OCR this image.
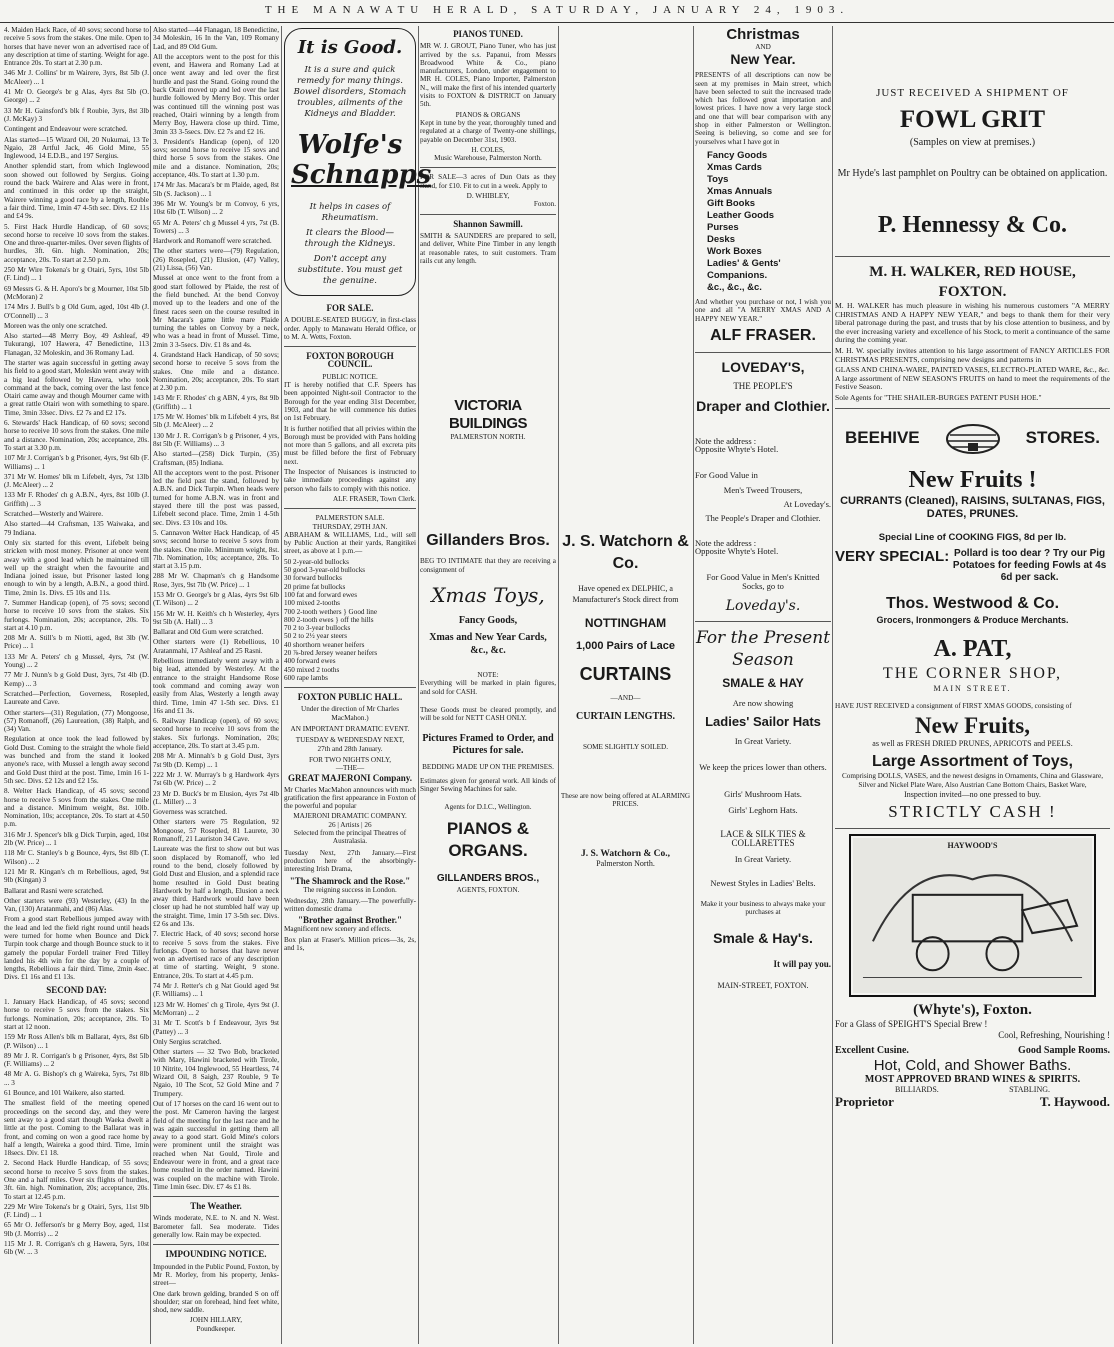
THE MANAWATU HERALD, SATURDAY, JANUARY 24, 1903.

4. Maiden Hack Race, of 40 sovs; second horse to receive 5 sovs from the stakes. One mile. Open to horses that have never won an advertised race of any description at time of starting. Weight for age. Entrance 20s. To start at 2.30 p.m.

346 Mr J. Collins' br m Wairere, 3yrs, 8st 5lb (J. McAleer) ... 1

41 Mr O. George's br g Alas, 4yrs 8st 5lb (O. George) ... 2

33 Mr H. Gainsford's blk f Roubie, 3yrs, 8st 3lb (J. McKay) 3

Contingent and Endeavour were scratched.

Alas started—15 Wizard Oil, 20 Nukumai, 13 Te Ngaio, 28 Artful Jack, 46 Gold Mine, 55 Inglewood, 14 E.D.B., and 197 Sergius.

Another splendid start, from which Inglewood soon showed out followed by Sergius. Going round the back Wairere and Alas were in front, and continued in this order up the straight, Wairere winning a good race by a length, Rouble a fair third. Time, 1min 47 4-5th sec. Divs. £2 11s and £4 9s.

5. First Hack Hurdle Handicap, of 60 sovs; second horse to receive 10 sovs from the stakes. One and three-quarter-miles. Over seven flights of hurdles, 3ft. 6in. high. Nomination, 20s; acceptance, 20s. To start at 2.50 p.m.

250 Mr Wire Tokena's br g Otairi, 5yrs, 10st 5lb (F. Lind) ... 1

69 Messrs G. & H. Aporo's br g Mourner, 10st 5lb (McMoran) 2

174 Mrs J. Bull's b g Old Gum, aged, 10st 4lb (J. O'Connell) ... 3

Moreen was the only one scratched.

Also started—48 Merry Boy, 49 Ashleaf, 49 Tukurangi, 107 Hawera, 47 Benedictine, 113 Flanagan, 32 Moleskin, and 36 Romany Lad.

The starter was again successful in getting away his field to a good start, Moleskin went away with a big lead followed by Hawera, who took command at the back, coming over the last fence Otairi came away and though Mourner came with a great rattle Otairi won with something to spare. Time, 3min 33sec. Divs. £2 7s and £2 17s.

6. Stewards' Hack Handicap, of 60 sovs; second horse to receive 10 sovs from the stakes. One mile and a distance. Nomination, 20s; acceptance, 20s. To start at 3.30 p.m.

107 Mr J. Corrigan's b g Prisoner, 4yrs, 9st 6lb (F. Williams) ... 1

371 Mr W. Homes' blk m Lifebelt, 4yrs, 7st 13lb (J. McAleer) ... 2

133 Mr F. Rhodes' ch g A.B.N., 4yrs, 8st 10lb (J. Griffith) ... 3

Scratched—Westerly and Wairere.

Also started—44 Craftsman, 135 Waiwaka, and 79 Indiana.

Only six started for this event, Lifebelt being stricken with most money. Prisoner at once went away with a good lead which he maintained till well up the straight when the favourite and Indiana joined issue, but Prisoner lasted long enough to win by a length, A.B.N., a good third. Time, 2min 1s. Divs. £5 10s and 11s.

7. Summer Handicap (open), of 75 sovs; second horse to receive 10 sovs from the stakes. Six furlongs. Nomination, 20s; acceptance, 20s. To start at 4.10 p.m.

208 Mr A. Still's b m Niotti, aged, 8st 3lb (W. Price) ... 1

133 Mr A. Peters' ch g Mussel, 4yrs, 7st (W. Young) ... 2

77 Mr J. Nunn's b g Gold Dust, 3yrs, 7st 4lb (D. Kemp) ... 3

Scratched—Perfection, Governess, Rosepled, Laureate and Cave.

Other starters—(31) Regulation, (77) Mongoose, (57) Romanoff, (26) Laureation, (38) Ralph, and (34) Van.

Regulation at once took the lead followed by Gold Dust. Coming to the straight the whole field was bunched and from the stand it looked anyone's race, with Mussel a length away second and Gold Dust third at the post. Time, 1min 16 1-5th sec. Divs. £2 12s and £2 15s.

8. Welter Hack Handicap, of 45 sovs; second horse to receive 5 sovs from the stakes. One mile and a distance. Minimum weight, 8st. 10lb. Nomination, 10s; acceptance, 20s. To start at 4.50 p.m.

316 Mr J. Spencer's blk g Dick Turpin, aged, 10st 2lb (W. Price) ... 1

118 Mr C. Stanley's b g Bounce, 4yrs, 9st 8lb (T. Wilson) ... 2

121 Mr R. Kingan's ch m Rebellious, aged, 9st 9lb (Kingan) 3

Ballarat and Rasni were scratched.

Other starters were (93) Westerley, (43) In the Van, (130) Aratanmahi, and (86) Alas.

From a good start Rebellious jumped away with the lead and led the field right round until heads were turned for home when Bounce and Dick Turpin took charge and though Bounce stuck to it gamely the popular Fordell trainer Fred Tilley landed his 4th win for the day by a couple of lengths, Rebellious a fair third. Time, 2min 4sec. Divs. £1 16s and £1 13s.

SECOND DAY:

1. January Hack Handicap, of 45 sovs; second horse to receive 5 sovs from the stakes. Six furlongs. Nomination, 20s; acceptance, 20s. To start at 12 noon.

159 Mr Ross Allen's blk m Ballarat, 4yrs, 8st 6lb (P. Wilson) ... 1

89 Mr J. R. Corrigan's b g Prisoner, 4yrs, 8st 5lb (F. Williams) ... 2

48 Mr A. G. Bishop's ch g Waireka, 5yrs, 7st 8lb ... 3

61 Bounce, and 101 Waikere, also started.

The smallest field of the meeting opened proceedings on the second day, and they were sent away to a good start though Waeka dwelt a little at the post. Coming to the Ballarat was in front, and coming on won a good race home by half a length, Waireka a good third. Time, 1min 18secs. Div. £1 18.

2. Second Hack Hurdle Handicap, of 55 sovs; second horse to receive 5 sovs from the stakes. One and a half miles. Over six flights of hurdles, 3ft. 6in. high. Nomination, 20s; acceptance, 20s. To start at 12.45 p.m.

229 Mr Wire Tokena's br g Otairi, 5yrs, 11st 9lb (F. Lind) ... 1

65 Mr O. Jefferson's br g Merry Boy, aged, 11st 9lb (J. Morris) ... 2

115 Mr J. R. Corrigan's ch g Hawera, 5yrs, 10st 6lb (W. ... 3

Also started—44 Flanagan, 18 Benedictine, 34 Moleskin, 16 In the Van, 109 Romany Lad, and 89 Old Gum.

All the acceptors went to the post for this event, and Hawera and Romany Lad at once went away and led over the first hurdle and past the Stand. Going round the back Otairi moved up and led over the last hurdle followed by Merry Boy. This order was continued till the winning post was reached, Otairi winning by a length from Merry Boy, Hawera close up third. Time, 3min 33 3-5secs. Div. £2 7s and £2 16.

3. President's Handicap (open), of 120 sovs; second horse to receive 15 sovs and third horse 5 sovs from the stakes. One mile and a distance. Nomination, 20s; acceptance, 40s. To start at 1.30 p.m.

174 Mr Jas. Macara's br m Plaide, aged, 8st 5lb (S. Jackson) ... 1

396 Mr W. Young's br m Convoy, 6 yrs, 10st 6lb (T. Wilson) ... 2

65 Mr A. Peters' ch g Mussel 4 yrs, 7st (B. Towers) ... 3

Hardwork and Romanoff were scratched.

The other starters were—(79) Regulation, (26) Rosepled, (21) Elusion, (47) Valley, (21) Lissa, (56) Van.

Mussel at once went to the front from a good start followed by Plaide, the rest of the field bunched. At the bend Convoy moved up to the leaders and one of the finest races seen on the course resulted in Mr Macara's game little mare Plaide turning the tables on Convoy by a neck, who was a head in front of Mussel. Time, 2min 3 3-5secs. Div. £1 8s and 4s.

4. Grandstand Hack Handicap, of 50 sovs; second horse to receive 5 sovs from the stakes. One mile and a distance. Nomination, 20s; acceptance, 20s. To start at 2.30 p.m.

143 Mr F. Rhodes' ch g ABN, 4 yrs, 8st 9lb (Griffith) ... 1

175 Mr W. Homes' blk m Lifebelt 4 yrs, 8st 5lb (J. McAleer) ... 2

130 Mr J. R. Corrigan's b g Prisoner, 4 yrs, 8st 5lb (F. Williams) ... 3

Also started—(258) Dick Turpin, (35) Craftsman, (85) Indiana.

All the acceptors went to the post. Prisoner led the field past the stand, followed by A.B.N. and Dick Turpin. When heads were turned for home A.B.N. was in front and stayed there till the post was passed, Lifebelt second place. Time, 2min 1 4-5th sec. Divs. £3 10s and 10s.

5. Cannavon Welter Hack Handicap, of 45 sovs; second horse to receive 5 sovs from the stakes. One mile. Minimum weight, 8st. 7lb. Nomination, 10s; acceptance, 20s. To start at 3.15 p.m.

288 Mr W. Chapman's ch g Handsome Rose, 3yrs, 9st 7lb (W. Price) ... 1

153 Mr O. George's br g Alas, 4yrs 9st 6lb (T. Wilson) ... 2

156 Mr W. H. Keith's ch h Westerley, 4yrs 9st 5lb (A. Hall) ... 3

Ballarat and Old Gum were scratched.

Other starters were (1) Rebellious, 10 Aratanmahi, 17 Ashleaf and 25 Rasni.

Rebellious immediately went away with a big lead, attended by Westerley. At the entrance to the straight Handsome Rose took command and coming away won easily from Alas, Westerly a length away third. Time, 1min 47 1-5th sec. Divs. £1 16s and £1 3s.

6. Railway Handicap (open), of 60 sovs; second horse to receive 10 sovs from the stakes. Six furlongs. Nomination, 20s; acceptance, 20s. To start at 3.45 p.m.

208 Mr A. Minnah's b g Gold Dust, 3yrs 7st 9lb (D. Kemp) ... 1

222 Mr J. W. Murray's b g Hardwork 4yrs 7st 6lb (W. Price) ... 2

23 Mr D. Buck's br m Elusion, 4yrs 7st 4lb (L. Miller) ... 3

Governess was scratched.

Other starters were 75 Regulation, 92 Mongoose, 57 Rosepled, 81 Laurete, 30 Romanoff, 21 Lauriston 34 Cave.

Laureate was the first to show out but was soon displaced by Romanoff, who led round to the bend, closely followed by Gold Dust and Elusion, and a splendid race home resulted in Gold Dust beating Hardwork by half a length, Elusion a neck away third. Hardwork would have been closer up had he not stumbled half way up the straight. Time, 1min 17 3-5th sec. Divs. £2 6s and 13s.

7. Electric Hack, of 40 sovs; second horse to receive 5 sovs from the stakes. Five furlongs. Open to horses that have never won an advertised race of any description at time of starting. Weight, 9 stone. Entrance, 20s. To start at 4.45 p.m.

74 Mr J. Retter's ch g Nat Gould aged 9st (F. Williams) ... 1

123 Mr W. Homes' ch g Tirole, 4yrs 9st (J. McMorran) ... 2

31 Mr T. Scott's b f Endeavour, 3yrs 9st (Pattey) ... 3

Only Sergius scratched.

Other starters — 32 Two Bob, bracketed with Mary, Hawini bracketed with Tirole, 10 Nitrite, 104 Inglewood, 55 Heartless, 74 Wizard Oil, 8 Saigh, 237 Rouble, 9 Te Ngaio, 10 The Scot, 52 Gold Mine and 7 Trumpery.

Out of 17 horses on the card 16 went out to the post. Mr Cameron having the largest field of the meeting for the last race and he was again successful in getting them all away to a good start. Gold Mine's colors were prominent until the straight was reached when Nat Gould, Tirole and Endeavour were in front, and a great race home resulted in the order named. Hawini was coupled on the machine with Tirole. Time 1min 6sec. Div. £7 4s £1 8s.

The Weather.

Winds moderate, N.E. to N. and N. West. Barometer fall. Sea moderate. Tides generally low. Rain may be expected.

IMPOUNDING NOTICE.

Impounded in the Public Pound, Foxton, by Mr R. Morley, from his property, Jenks-street—

One dark brown gelding, branded S on off shoulder; star on forehead, hind feet white, shod, new saddle.

JOHN HILLARY,
Poundkeeper.
It is Good.
It is a sure and quick remedy for many things. Bowel disorders, Stomach troubles, ailments of the Kidneys and Bladder.
Wolfe's
Schnapps
It helps in cases of Rheumatism.
It clears the Blood—through the Kidneys.
Don't accept any substitute. You must get the genuine.
FOR SALE.

A DOUBLE-SEATED BUGGY, in first-class order. Apply to Manawatu Herald Office, or to M. A. Wetts, Foxton.

FOXTON BOROUGH COUNCIL.
PUBLIC NOTICE.

IT is hereby notified that C.F. Speers has been appointed Night-soil Contractor to the Borough for the year ending 31st December, 1903, and that he will commence his duties on 1st February.

It is further notified that all privies within the Borough must be provided with Pans holding not more than 5 gallons, and all excreta pits must be filled before the first of February next.

The Inspector of Nuisances is instructed to take immediate proceedings against any person who fails to comply with this notice.

ALF. FRASER, Town Clerk.
PALMERSTON SALE.
THURSDAY, 29TH JAN.

ABRAHAM & WILLIAMS, Ltd., will sell by Public Auction at their yards, Rangitikei street, as above at 1 p.m.—

50 2-year-old bullocks
50 good 3-year-old bullocks
30 forward bullocks
20 prime fat bullocks
100 fat and forward ewes
100 mixed 2-tooths
700 2-tooth wethers } Good line
800 2-tooth ewes } off the hills
70 2 to 3-year bullocks
50 2 to 2½ year steers
40 shorthorn weaner heifers
20 ⅞-bred Jersey weaner heifers
400 forward ewes
450 mixed 2 tooths
600 rape lambs
FOXTON PUBLIC HALL.
Under the direction of Mr Charles MacMahon.)
AN IMPORTANT DRAMATIC EVENT.
TUESDAY & WEDNESDAY NEXT,
27th and 28th January.
FOR TWO NIGHTS ONLY,
—THE—
GREAT MAJERONI Company.

Mr Charles MacMahon announces with much gratification the first appearance in Foxton of the powerful and popular

MAJERONI DRAMATIC COMPANY.
26 | Artists | 26
Selected from the principal Theatres of Australasia.

Tuesday Next, 27th January.—First production here of the absorbingly-interesting Irish Drama,

"The Shamrock and the Rose."
The reigning success in London.

Wednesday, 28th January.—The powerfully-written domestic drama

"Brother against Brother."

Magnificent new scenery and effects.

Box plan at Fraser's. Million prices—3s, 2s, and 1s,

PIANOS TUNED.

MR W. J. GROUT, Piano Tuner, who has just arrived by the s.s. Papanui, from Messrs Broadwood White & Co., piano manufacturers, London, under engagement to MR H. COLES, Piano Importer, Palmerston N., will make the first of his intended quarterly visits to FOXTON & DISTRICT on January 5th.

PIANOS & ORGANS

Kept in tune by the year, thoroughly tuned and regulated at a charge of Twenty-one shillings, payable on December 31st, 1903.

H. COLES,
Music Warehouse, Palmerston North.

FOR SALE—3 acres of Dun Oats as they stand, for £10. Fit to cut in a week. Apply to

D. WHIBLEY,
Foxton.
Shannon Sawmill.

SMITH & SAUNDERS are prepared to sell, and deliver, White Pine Timber in any length at reasonable rates, to suit customers. Tram rails cut any length.

VICTORIA BUILDINGS
PALMERSTON NORTH.
Gillanders Bros.

BEG TO INTIMATE that they are receiving a consignment of

Xmas Toys,
Fancy Goods,
Xmas and New Year Cards, &c., &c.
NOTE:

Everything will be marked in plain figures, and sold for CASH.

These Goods must be cleared promptly, and will be sold for NETT CASH ONLY.

Pictures Framed to Order, and Pictures for sale.
BEDDING MADE UP ON THE PREMISES.

Estimates given for general work. All kinds of Singer Sewing Machines for sale.

Agents for D.I.C., Wellington.
PIANOS & ORGANS.
GILLANDERS BROS.,
AGENTS, FOXTON.
J. S. Watchorn & Co.
Have opened ex DELPHIC, a Manufacturer's Stock direct from
NOTTINGHAM
1,000 Pairs of Lace
CURTAINS
—AND—
CURTAIN LENGTHS.
SOME SLIGHTLY SOILED.
These are now being offered at ALARMING PRICES.
J. S. Watchorn & Co.,
Palmerston North.
Christmas
AND
New Year.

PRESENTS of all descriptions can now be seen at my premises in Main street, which have been selected to suit the increased trade which has followed great importation and lowest prices. I have now a very large stock and one that will bear comparison with any shop in either Palmerston or Wellington. Seeing is believing, so come and see for yourselves what I have got in

Fancy Goods
Xmas Cards
Toys
Xmas Annuals
Gift Books
Leather Goods
Purses
Desks
Work Boxes
Ladies' & Gents' Companions.
&c., &c., &c.

And whether you purchase or not, I wish you one and all "A MERRY XMAS AND A HAPPY NEW YEAR."

ALF FRASER.
LOVEDAY'S,
THE PEOPLE'S
Draper and Clothier.
Note the address :
Opposite Whyte's Hotel.
For Good Value in
Men's Tweed Trousers,
At Loveday's.
The People's Draper and Clothier.
Note the address :
Opposite Whyte's Hotel.
For Good Value in Men's Knitted Socks, go to
Loveday's.
For the Present
Season
SMALE & HAY
Are now showing
Ladies' Sailor Hats
In Great Variety.
We keep the prices lower than others.
Girls' Mushroom Hats.
Girls' Leghorn Hats.
LACE & SILK TIES & COLLARETTES
In Great Variety.
Newest Styles in Ladies' Belts.
Make it your business to always make your purchases at
Smale & Hay's.
It will pay you.
MAIN-STREET, FOXTON.
JUST RECEIVED A SHIPMENT OF
FOWL GRIT
(Samples on view at premises.)
Mr Hyde's last pamphlet on Poultry can be obtained on application.
P. Hennessy & Co.
M. H. WALKER, RED HOUSE, FOXTON.

M. H. WALKER has much pleasure in wishing his numerous customers "A MERRY CHRISTMAS AND A HAPPY NEW YEAR," and begs to thank them for their very liberal patronage during the past, and trusts that by his close attention to business, and by the ever increasing variety and excellence of his Stock, to merit a continuance of the same during the coming year.

M. H. W. specially invites attention to his large assortment of FANCY ARTICLES FOR CHRISTMAS PRESENTS, comprising new designs and patterns in

GLASS AND CHINA-WARE, PAINTED VASES, ELECTRO-PLATED WARE, &c., &c.

A large assortment of NEW SEASON'S FRUITS on hand to meet the requirements of the Festive Season.

Sole Agents for "THE SHAILER-BURGES PATENT PUSH HOE."

BEEHIVE	STORES.
New Fruits !
CURRANTS (Cleaned), RAISINS, SULTANAS, FIGS, DATES, PRUNES.
Special Line of COOKING FIGS, 8d per lb.
VERY SPECIAL: Pollard is too dear ? Try our Pig Potatoes for feeding Fowls at 4s 6d per sack.
Thos. Westwood & Co.
Grocers, Ironmongers & Produce Merchants.
A. PAT,
THE CORNER SHOP,
MAIN STREET.

HAVE JUST RECEIVED a consignment of FIRST XMAS GOODS, consisting of

New Fruits,
as well as FRESH DRIED PRUNES, APRICOTS and PEELS.
Large Assortment of Toys,

Comprising DOLLS, VASES, and the newest designs in Ornaments, China and Glassware, Silver and Nickel Plate Ware, Also Austrian Cane Bottom Chairs, Basket Ware,

Inspection invited—no one pressed to buy.
STRICTLY CASH !
HAYWOOD'S
(Whyte's), Foxton.
For a Glass of SPEIGHT'S Special Brew !
Cool, Refreshing, Nourishing !
Excellent Cusine.	Good Sample Rooms.
Hot, Cold, and Shower Baths.
MOST APPROVED BRAND WINES & SPIRITS.
BILLIARDS.	STABLING.
Proprietor	T. Haywood.
